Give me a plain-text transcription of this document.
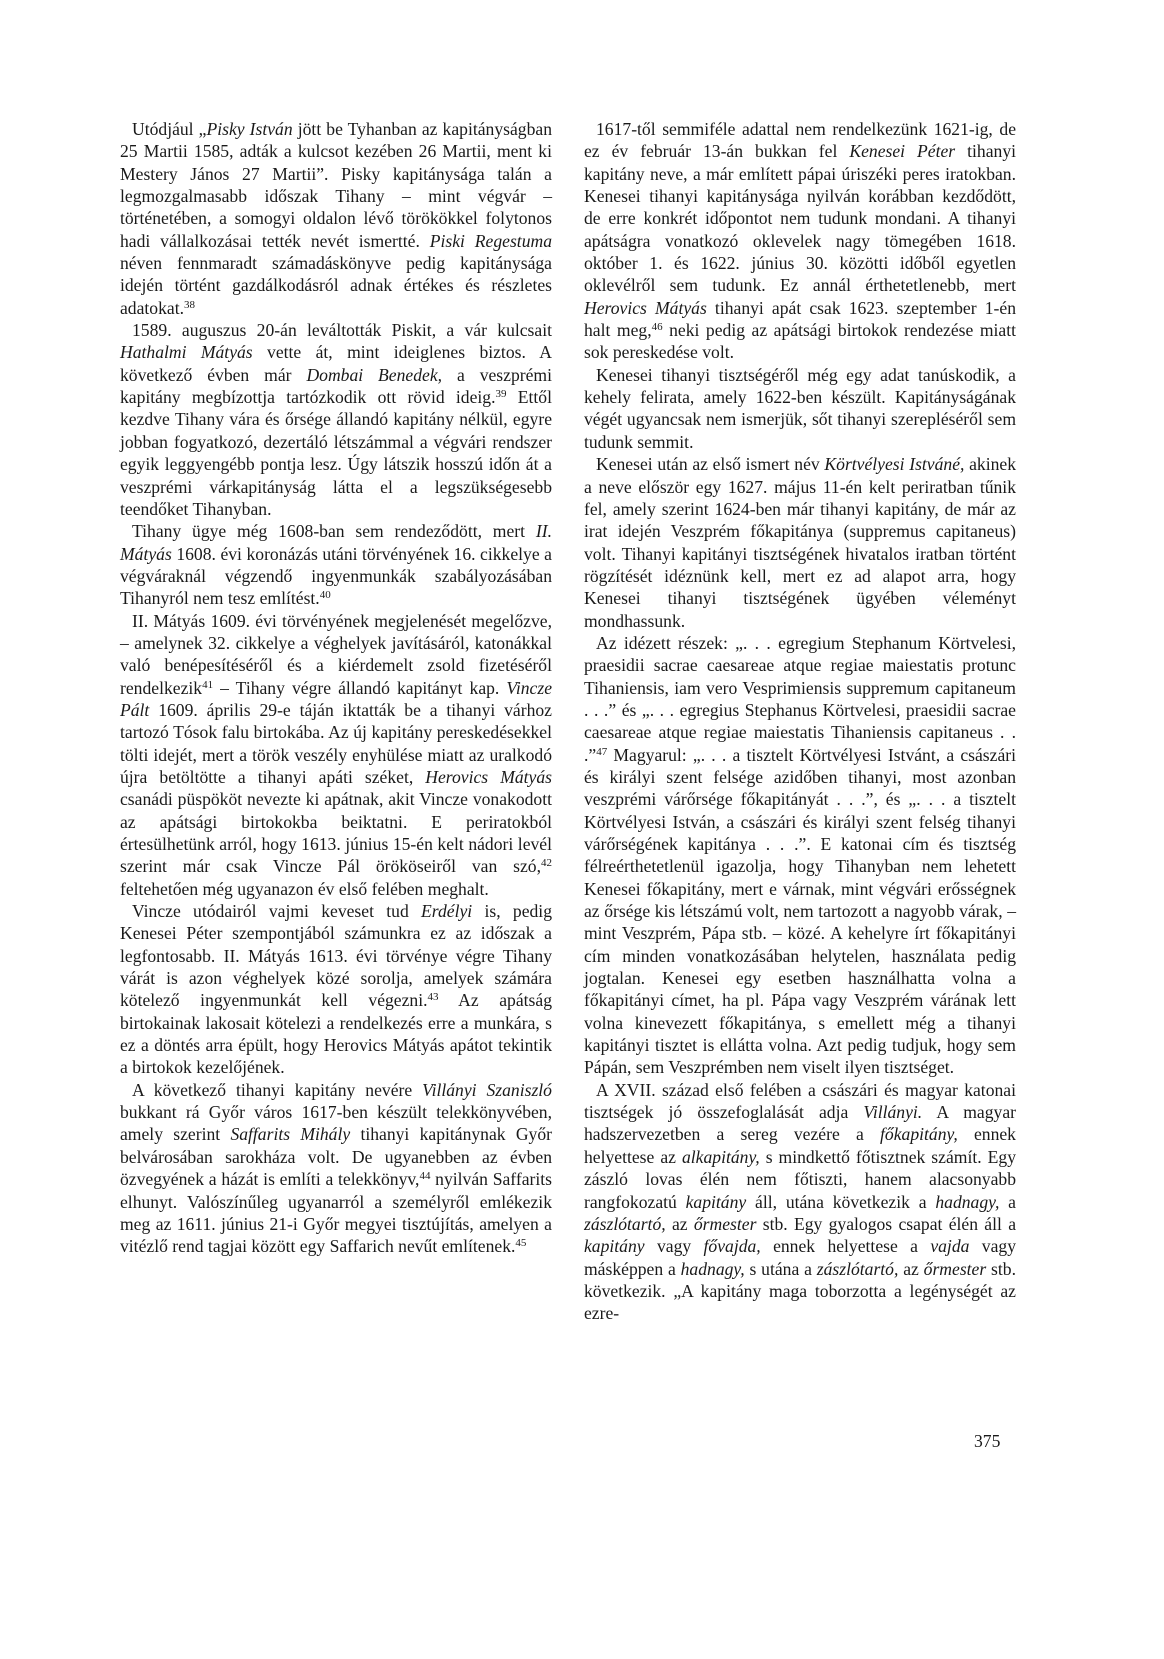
Utódjául „Pisky István jött be Tyhanban az kapitányságban 25 Martii 1585, adták a kulcsot kezében 26 Martii, ment ki Mestery János 27 Martii”. Pisky kapitánysága talán a legmozgalmasabb időszak Tihany – mint végvár – történetében, a somogyi oldalon lévő törökökkel folytonos hadi vállalkozásai tették nevét ismertté. Piski Regestuma néven fennmaradt számadáskönyve pedig kapitánysága idején történt gazdálkodásról adnak értékes és részletes adatokat.$^{38}$

1589. auguszus 20-án leváltották Piskit, a vár kulcsait Hathalmi Mátyás vette át, mint ideiglenes biztos. A következő évben már Dombai Benedek, a veszprémi kapitány megbízottja tartózkodik ott rövid ideig.$^{39}$ Ettől kezdve Tihany vára és őrsége állandó kapitány nélkül, egyre jobban fogyatkozó, dezertáló létszámmal a végvári rendszer egyik leggyengébb pontja lesz. Úgy látszik hosszú időn át a veszprémi várkapitányság látta el a legszükségesebb teendőket Tihanyban.

Tihany ügye még 1608-ban sem rendeződött, mert II. Mátyás 1608. évi koronázás utáni törvényének 16. cikkelye a végváraknál végzendő ingyenmunkák szabályozásában Tihanyról nem tesz említést.$^{40}$

II. Mátyás 1609. évi törvényének megjelenését megelőzve, – amelynek 32. cikkelye a véghelyek javításáról, katonákkal való benépesítéséről és a kiérdemelt zsold fizetéséről rendelkezik$^{41}$ – Tihany végre állandó kapitányt kap. Vincze Pált 1609. április 29-e táján iktatták be a tihanyi várhoz tartozó Tósok falu birtokába. Az új kapitány pereskedésekkel tölti idejét, mert a török veszély enyhülése miatt az uralkodó újra betöltötte a tihanyi apáti széket, Herovics Mátyás csanádi püspököt nevezte ki apátnak, akit Vincze vonakodott az apátsági birtokokba beiktatni. E periratokból értesülhetünk arról, hogy 1613. június 15-én kelt nádori levél szerint már csak Vincze Pál örököseiről van szó,$^{42}$ feltehetően még ugyanazon év első felében meghalt.

Vincze utódairól vajmi keveset tud Erdélyi is, pedig Kenesei Péter szempontjából számunkra ez az időszak a legfontosabb. II. Mátyás 1613. évi törvénye végre Tihany várát is azon véghelyek közé sorolja, amelyek számára kötelező ingyenmunkát kell végezni.$^{43}$ Az apátság birtokainak lakosait kötelezi a rendelkezés erre a munkára, s ez a döntés arra épült, hogy Herovics Mátyás apátot tekintik a birtokok kezelőjének.

A következő tihanyi kapitány nevére Villányi Szaniszló bukkant rá Győr város 1617-ben készült telekkönyvében, amely szerint Saffarits Mihály tihanyi kapitánynak Győr belvárosában sarokháza volt. De ugyanebben az évben özvegyének a házát is említi a telekkönyv,$^{44}$ nyilván Saffarits elhunyt. Valószínűleg ugyanarról a személyről emlékezik meg az 1611. június 21-i Győr megyei tisztújítás, amelyen a vitézlő rend tagjai között egy Saffarich nevűt említenek.$^{45}$

1617-től semmiféle adattal nem rendelkezünk 1621-ig, de ez év február 13-án bukkan fel Kenesei Péter tihanyi kapitány neve, a már említett pápai úriszéki peres iratokban. Kenesei tihanyi kapitánysága nyilván korábban kezdődött, de erre konkrét időpontot nem tudunk mondani. A tihanyi apátságra vonatkozó oklevelek nagy tömegében 1618. október 1. és 1622. június 30. közötti időből egyetlen oklevélről sem tudunk. Ez annál érthetetlenebb, mert Herovics Mátyás tihanyi apát csak 1623. szeptember 1-én halt meg,$^{46}$ neki pedig az apátsági birtokok rendezése miatt sok pereskedése volt.

Kenesei tihanyi tisztségéről még egy adat tanúskodik, a kehely felirata, amely 1622-ben készült. Kapitányságának végét ugyancsak nem ismerjük, sőt tihanyi szerepléséről sem tudunk semmit.

Kenesei után az első ismert név Körtvélyesi Istváné, akinek a neve először egy 1627. május 11-én kelt periratban tűnik fel, amely szerint 1624-ben már tihanyi kapitány, de már az irat idején Veszprém főkapitánya (suppremus capitaneus) volt. Tihanyi kapitányi tisztségének hivatalos iratban történt rögzítését idéznünk kell, mert ez ad alapot arra, hogy Kenesei tihanyi tisztségének ügyében véleményt mondhassunk.

Az idézett részek: „. . . egregium Stephanum Körtvelesi, praesidii sacrae caesareae atque regiae maiestatis protunc Tihaniensis, iam vero Vesprimiensis suppremum capitaneum . . .” és „. . . egregius Stephanus Körtvelesi, praesidii sacrae caesareae atque regiae maiestatis Tihaniensis capitaneus . . .”$^{47}$ Magyarul: „. . . a tisztelt Körtvélyesi Istvánt, a császári és királyi szent felsége azidőben tihanyi, most azonban veszprémi várőrsége főkapitányát . . .”, és „. . . a tisztelt Körtvélyesi István, a császári és királyi szent felség tihanyi várőrségének kapitánya . . .”. E katonai cím és tisztség félreérthetetlenül igazolja, hogy Tihanyban nem lehetett Kenesei főkapitány, mert e várnak, mint végvári erősségnek az őrsége kis létszámú volt, nem tartozott a nagyobb várak, – mint Veszprém, Pápa stb. – közé. A kehelyre írt főkapitányi cím minden vonatkozásában helytelen, használata pedig jogtalan. Kenesei egy esetben használhatta volna a főkapitányi címet, ha pl. Pápa vagy Veszprém várának lett volna kinevezett főkapitánya, s emellett még a tihanyi kapitányi tisztet is ellátta volna. Azt pedig tudjuk, hogy sem Pápán, sem Veszprémben nem viselt ilyen tisztséget.

A XVII. század első felében a császári és magyar katonai tisztségek jó összefoglalását adja Villányi. A magyar hadszervezetben a sereg vezére a főkapitány, ennek helyettese az alkapitány, s mindkettő főtisztnek számít. Egy zászló lovas élén nem főtiszti, hanem alacsonyabb rangfokozatú kapitány áll, utána következik a hadnagy, a zászlótartó, az őrmester stb. Egy gyalogos csapat élén áll a kapitány vagy fővajda, ennek helyettese a vajda vagy másképpen a hadnagy, s utána a zászlótartó, az őrmester stb. következik. „A kapitány maga toborzotta a legénységét az ezre-

375
